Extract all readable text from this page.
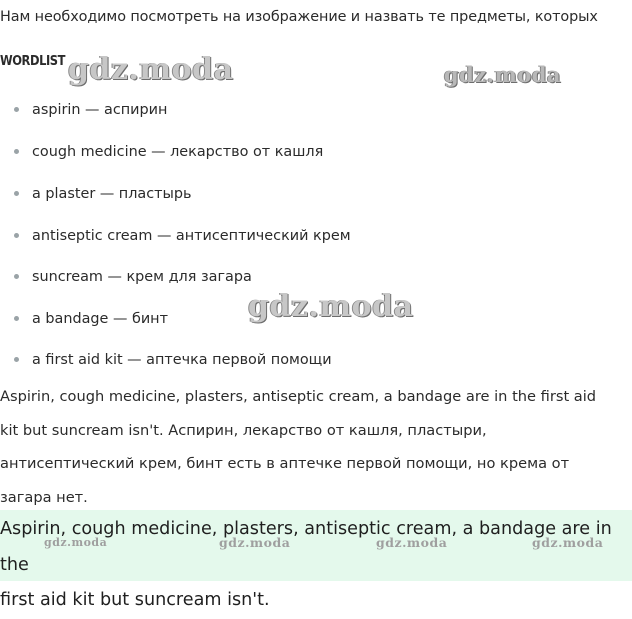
Нам необходимо посмотреть на изображение и назвать те предметы, которых
WORDLIST gdz.moda	gdz.moda
aspirin — аспирин
cough medicine — лекарство от кашля
a plaster — пластырь
antiseptic cream — антисептический крем
suncream — крем для загара
a bandage — бинт
a first aid kit — аптечка первой помощи
gdz.moda
Aspirin, cough medicine, plasters, antiseptic cream, a bandage are in the first aid
kit but suncream isn't. Аспирин, лекарство от кашля, пластыри,
антисептический крем, бинт есть в аптечке первой помощи, но крема от
загара нет.
Aspirin, cough medicine, plasters, antiseptic cream, a bandage are in the
first aid kit but suncream isn't.
gdz.moda	gdz.moda	gdz.moda	gdz.moda
